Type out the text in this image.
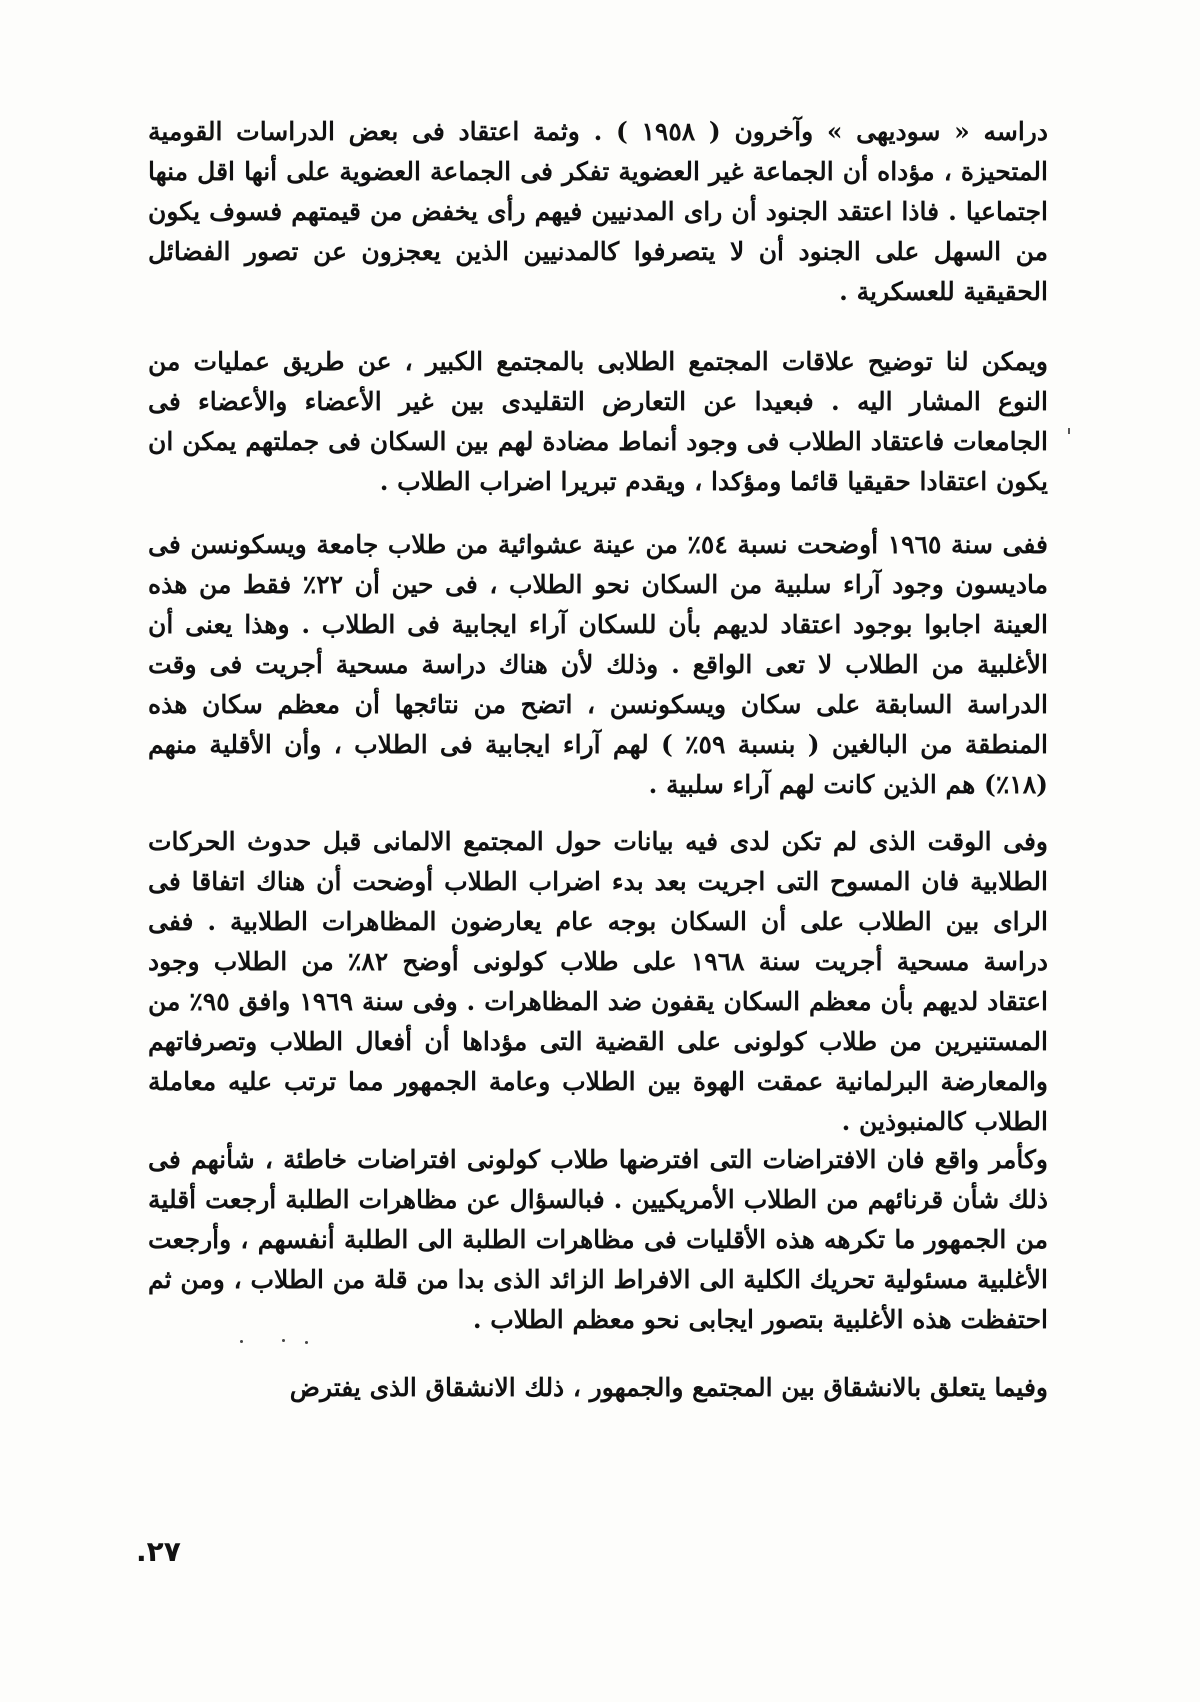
دراسه « سوديهى » وآخرون ( ١٩٥٨ ) . وثمة اعتقاد فى بعض الدراسات القومية المتحيزة ، مؤداه أن الجماعة غير العضوية تفكر فى الجماعة العضوية على أنها اقل منها اجتماعيا . فاذا اعتقد الجنود أن راى المدنيين فيهم رأى يخفض من قيمتهم فسوف يكون من السهل على الجنود أن لا يتصرفوا كالمدنيين الذين يعجزون عن تصور الفضائل الحقيقية للعسكرية .

ويمكن لنا توضيح علاقات المجتمع الطلابى بالمجتمع الكبير ، عن طريق عمليات من النوع المشار اليه . فبعيدا عن التعارض التقليدى بين غير الأعضاء والأعضاء فى الجامعات فاعتقاد الطلاب فى وجود أنماط مضادة لهم بين السكان فى جملتهم يمكن ان يكون اعتقادا حقيقيا قائما ومؤكدا ، ويقدم تبريرا اضراب الطلاب .

ففى سنة ١٩٦٥ أوضحت نسبة ٥٤٪ من عينة عشوائية من طلاب جامعة ويسكونسن فى ماديسون وجود آراء سلبية من السكان نحو الطلاب ، فى حين أن ٢٢٪ فقط من هذه العينة اجابوا بوجود اعتقاد لديهم بأن للسكان آراء ايجابية فى الطلاب . وهذا يعنى أن الأغلبية من الطلاب لا تعى الواقع . وذلك لأن هناك دراسة مسحية أجريت فى وقت الدراسة السابقة على سكان ويسكونسن ، اتضح من نتائجها أن معظم سكان هذه المنطقة من البالغين ( بنسبة ٥٩٪ ) لهم آراء ايجابية فى الطلاب ، وأن الأقلية منهم (١٨٪) هم الذين كانت لهم آراء سلبية .

وفى الوقت الذى لم تكن لدى فيه بيانات حول المجتمع الالمانى قبل حدوث الحركات الطلابية فان المسوح التى اجريت بعد بدء اضراب الطلاب أوضحت أن هناك اتفاقا فى الراى بين الطلاب على أن السكان بوجه عام يعارضون المظاهرات الطلابية . ففى دراسة مسحية أجريت سنة ١٩٦٨ على طلاب كولونى أوضح ٨٢٪ من الطلاب وجود اعتقاد لديهم بأن معظم السكان يقفون ضد المظاهرات . وفى سنة ١٩٦٩ وافق ٩٥٪ من المستنيرين من طلاب كولونى على القضية التى مؤداها أن أفعال الطلاب وتصرفاتهم والمعارضة البرلمانية عمقت الهوة بين الطلاب وعامة الجمهور مما ترتب عليه معاملة الطلاب كالمنبوذين .

وكأمر واقع فان الافتراضات التى افترضها طلاب كولونى افتراضات خاطئة ، شأنهم فى ذلك شأن قرنائهم من الطلاب الأمريكيين . فبالسؤال عن مظاهرات الطلبة أرجعت أقلية من الجمهور ما تكرهه هذه الأقليات فى مظاهرات الطلبة الى الطلبة أنفسهم ، وأرجعت الأغلبية مسئولية تحريك الكلية الى الافراط الزائد الذى بدا من قلة من الطلاب ، ومن ثم احتفظت هذه الأغلبية بتصور ايجابى نحو معظم الطلاب .

وفيما يتعلق بالانشقاق بين المجتمع والجمهور ، ذلك الانشقاق الذى يفترض

.٢٧
